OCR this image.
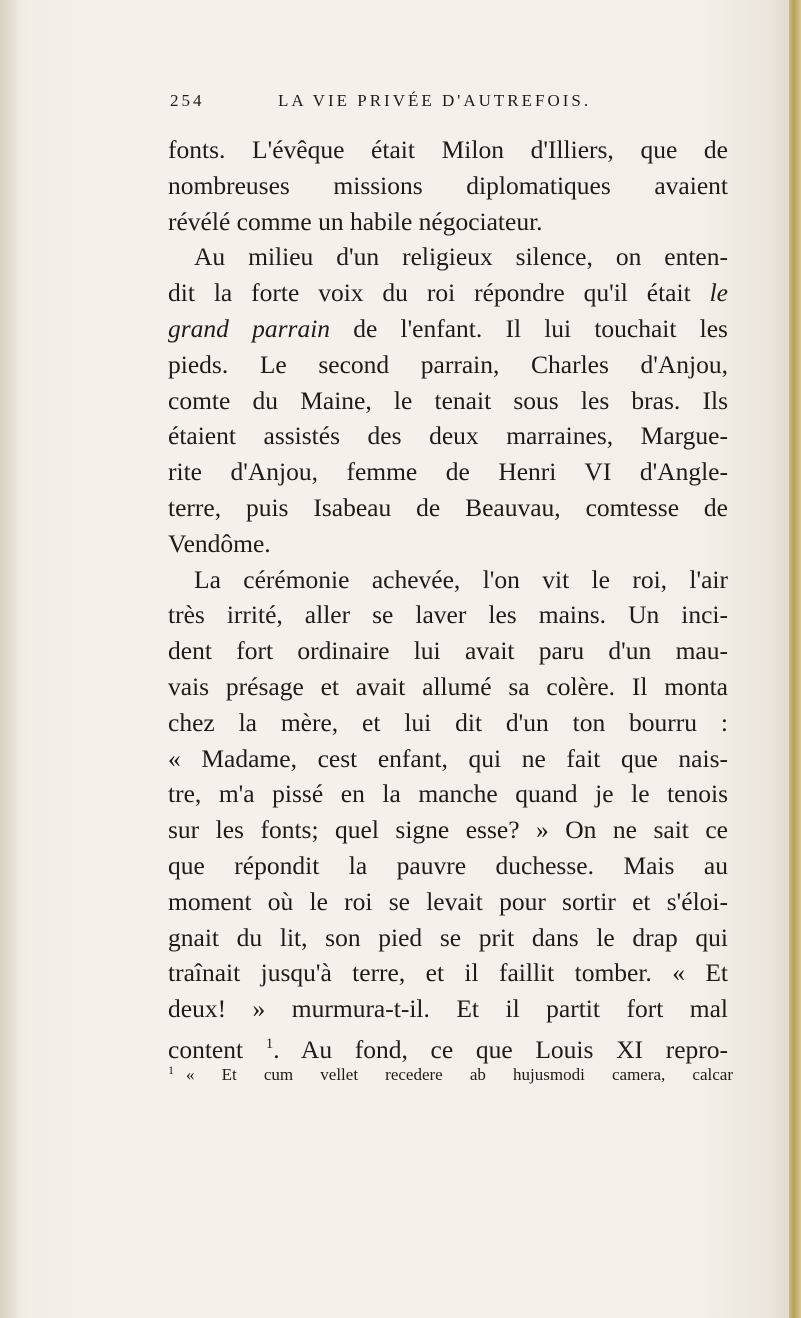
254	LA VIE PRIVÉE D'AUTREFOIS.
fonts. L'évêque était Milon d'Illiers, que de
nombreuses missions diplomatiques avaient
révélé comme un habile négociateur.
Au milieu d'un religieux silence, on enten-
dit la forte voix du roi répondre qu'il était le
grand parrain de l'enfant. Il lui touchait les
pieds. Le second parrain, Charles d'Anjou,
comte du Maine, le tenait sous les bras. Ils
étaient assistés des deux marraines, Margue-
rite d'Anjou, femme de Henri VI d'Angle-
terre, puis Isabeau de Beauvau, comtesse de
Vendôme.
La cérémonie achevée, l'on vit le roi, l'air
très irrité, aller se laver les mains. Un inci-
dent fort ordinaire lui avait paru d'un mau-
vais présage et avait allumé sa colère. Il monta
chez la mère, et lui dit d'un ton bourru :
« Madame, cest enfant, qui ne fait que nais-
tre, m'a pissé en la manche quand je le tenois
sur les fonts; quel signe esse? » On ne sait ce
que répondit la pauvre duchesse. Mais au
moment où le roi se levait pour sortir et s'éloi-
gnait du lit, son pied se prit dans le drap qui
traînait jusqu'à terre, et il faillit tomber. « Et
deux! » murmura-t-il. Et il partit fort mal
content $^1$. Au fond, ce que Louis XI repro-
$^1$ « Et cum vellet recedere ab hujusmodi camera, calcar
